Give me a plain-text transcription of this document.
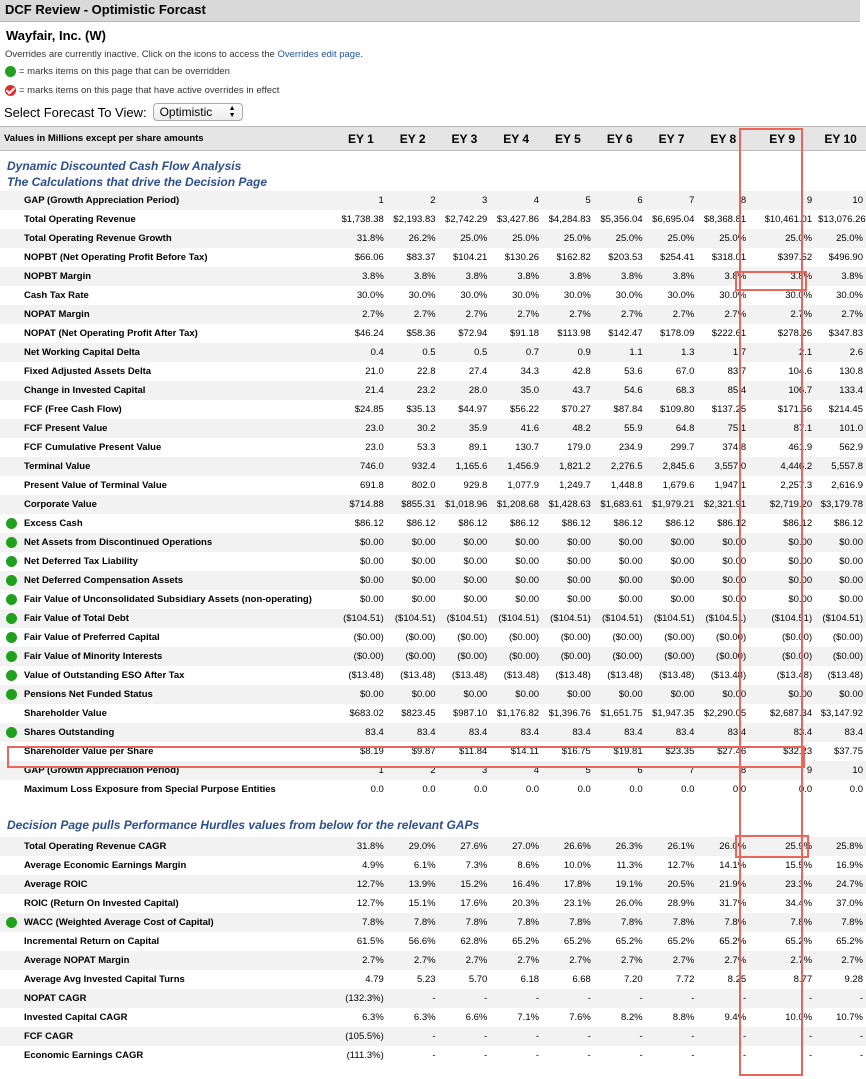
DCF Review - Optimistic Forcast
Wayfair, Inc. (W)
Overrides are currently inactive. Click on the icons to access the Overrides edit page.
= marks items on this page that can be overridden
= marks items on this page that have active overrides in effect
Select Forecast To View: Optimistic ▲
▼
Values in Millions except per share amounts	EY 1	EY 2	EY 3	EY 4	EY 5	EY 6	EY 7	EY 8	EY 9	EY 10

Dynamic Discounted Cash Flow Analysis
The Calculations that drive the Decision Page										

GAP (Growth Appreciation Period)	1	2	3	4	5	6	7	8	9	10
Total Operating Revenue	$1,738.38	$2,193.83	$2,742.29	$3,427.86	$4,284.83	$5,356.04	$6,695.04	$8,368.81	$10,461.01	$13,076.26
Total Operating Revenue Growth	31.8%	26.2%	25.0%	25.0%	25.0%	25.0%	25.0%	25.0%	25.0%	25.0%
NOPBT (Net Operating Profit Before Tax)	$66.06	$83.37	$104.21	$130.26	$162.82	$203.53	$254.41	$318.01	$397.52	$496.90
NOPBT Margin	3.8%	3.8%	3.8%	3.8%	3.8%	3.8%	3.8%	3.8%	3.8%	3.8%
Cash Tax Rate	30.0%	30.0%	30.0%	30.0%	30.0%	30.0%	30.0%	30.0%	30.0%	30.0%
NOPAT Margin	2.7%	2.7%	2.7%	2.7%	2.7%	2.7%	2.7%	2.7%	2.7%	2.7%
NOPAT (Net Operating Profit After Tax)	$46.24	$58.36	$72.94	$91.18	$113.98	$142.47	$178.09	$222.61	$278.26	$347.83
Net Working Capital Delta	0.4	0.5	0.5	0.7	0.9	1.1	1.3	1.7	2.1	2.6
Fixed Adjusted Assets Delta	21.0	22.8	27.4	34.3	42.8	53.6	67.0	83.7	104.6	130.8
Change in Invested Capital	21.4	23.2	28.0	35.0	43.7	54.6	68.3	85.4	106.7	133.4
FCF (Free Cash Flow)	$24.85	$35.13	$44.97	$56.22	$70.27	$87.84	$109.80	$137.25	$171.56	$214.45
FCF Present Value	23.0	30.2	35.9	41.6	48.2	55.9	64.8	75.1	87.1	101.0
FCF Cumulative Present Value	23.0	53.3	89.1	130.7	179.0	234.9	299.7	374.8	461.9	562.9
Terminal Value	746.0	932.4	1,165.6	1,456.9	1,821.2	2,276.5	2,845.6	3,557.0	4,446.2	5,557.8
Present Value of Terminal Value	691.8	802.0	929.8	1,077.9	1,249.7	1,448.8	1,679.6	1,947.1	2,257.3	2,616.9
Corporate Value	$714.88	$855.31	$1,018.96	$1,208.68	$1,428.63	$1,683.61	$1,979.21	$2,321.91	$2,719.20	$3,179.78

Excess Cash	$86.12	$86.12	$86.12	$86.12	$86.12	$86.12	$86.12	$86.12	$86.12	$86.12

Net Assets from Discontinued Operations	$0.00	$0.00	$0.00	$0.00	$0.00	$0.00	$0.00	$0.00	$0.00	$0.00

Net Deferred Tax Liability	$0.00	$0.00	$0.00	$0.00	$0.00	$0.00	$0.00	$0.00	$0.00	$0.00

Net Deferred Compensation Assets	$0.00	$0.00	$0.00	$0.00	$0.00	$0.00	$0.00	$0.00	$0.00	$0.00

Fair Value of Unconsolidated Subsidiary Assets (non-operating)	$0.00	$0.00	$0.00	$0.00	$0.00	$0.00	$0.00	$0.00	$0.00	$0.00

Fair Value of Total Debt	($104.51)	($104.51)	($104.51)	($104.51)	($104.51)	($104.51)	($104.51)	($104.51)	($104.51)	($104.51)

Fair Value of Preferred Capital	($0.00)	($0.00)	($0.00)	($0.00)	($0.00)	($0.00)	($0.00)	($0.00)	($0.00)	($0.00)

Fair Value of Minority Interests	($0.00)	($0.00)	($0.00)	($0.00)	($0.00)	($0.00)	($0.00)	($0.00)	($0.00)	($0.00)

Value of Outstanding ESO After Tax	($13.48)	($13.48)	($13.48)	($13.48)	($13.48)	($13.48)	($13.48)	($13.48)	($13.48)	($13.48)

Pensions Net Funded Status	$0.00	$0.00	$0.00	$0.00	$0.00	$0.00	$0.00	$0.00	$0.00	$0.00
Shareholder Value	$683.02	$823.45	$987.10	$1,176.82	$1,396.76	$1,651.75	$1,947.35	$2,290.05	$2,687.34	$3,147.92

Shares Outstanding	83.4	83.4	83.4	83.4	83.4	83.4	83.4	83.4	83.4	83.4
Shareholder Value per Share	$8.19	$9.87	$11.84	$14.11	$16.75	$19.81	$23.35	$27.46	$32.23	$37.75
GAP (Growth Appreciation Period)	1	2	3	4	5	6	7	8	9	10
Maximum Loss Exposure from Special Purpose Entities	0.0	0.0	0.0	0.0	0.0	0.0	0.0	0.0	0.0	0.0

Decision Page pulls Performance Hurdles values from below for the relevant GAPs										

Total Operating Revenue CAGR	31.8%	29.0%	27.6%	27.0%	26.6%	26.3%	26.1%	26.0%	25.9%	25.8%
Average Economic Earnings Margin	4.9%	6.1%	7.3%	8.6%	10.0%	11.3%	12.7%	14.1%	15.5%	16.9%
Average ROIC	12.7%	13.9%	15.2%	16.4%	17.8%	19.1%	20.5%	21.9%	23.3%	24.7%
ROIC (Return On Invested Capital)	12.7%	15.1%	17.6%	20.3%	23.1%	26.0%	28.9%	31.7%	34.4%	37.0%

WACC (Weighted Average Cost of Capital)	7.8%	7.8%	7.8%	7.8%	7.8%	7.8%	7.8%	7.8%	7.8%	7.8%
Incremental Return on Capital	61.5%	56.6%	62.8%	65.2%	65.2%	65.2%	65.2%	65.2%	65.2%	65.2%
Average NOPAT Margin	2.7%	2.7%	2.7%	2.7%	2.7%	2.7%	2.7%	2.7%	2.7%	2.7%
Average Avg Invested Capital Turns	4.79	5.23	5.70	6.18	6.68	7.20	7.72	8.25	8.77	9.28
NOPAT CAGR	(132.3%)	-	-	-	-	-	-	-	-	-
Invested Capital CAGR	6.3%	6.3%	6.6%	7.1%	7.6%	8.2%	8.8%	9.4%	10.0%	10.7%
FCF CAGR	(105.5%)	-	-	-	-	-	-	-	-	-
Economic Earnings CAGR	(111.3%)	-	-	-	-	-	-	-	-	-
